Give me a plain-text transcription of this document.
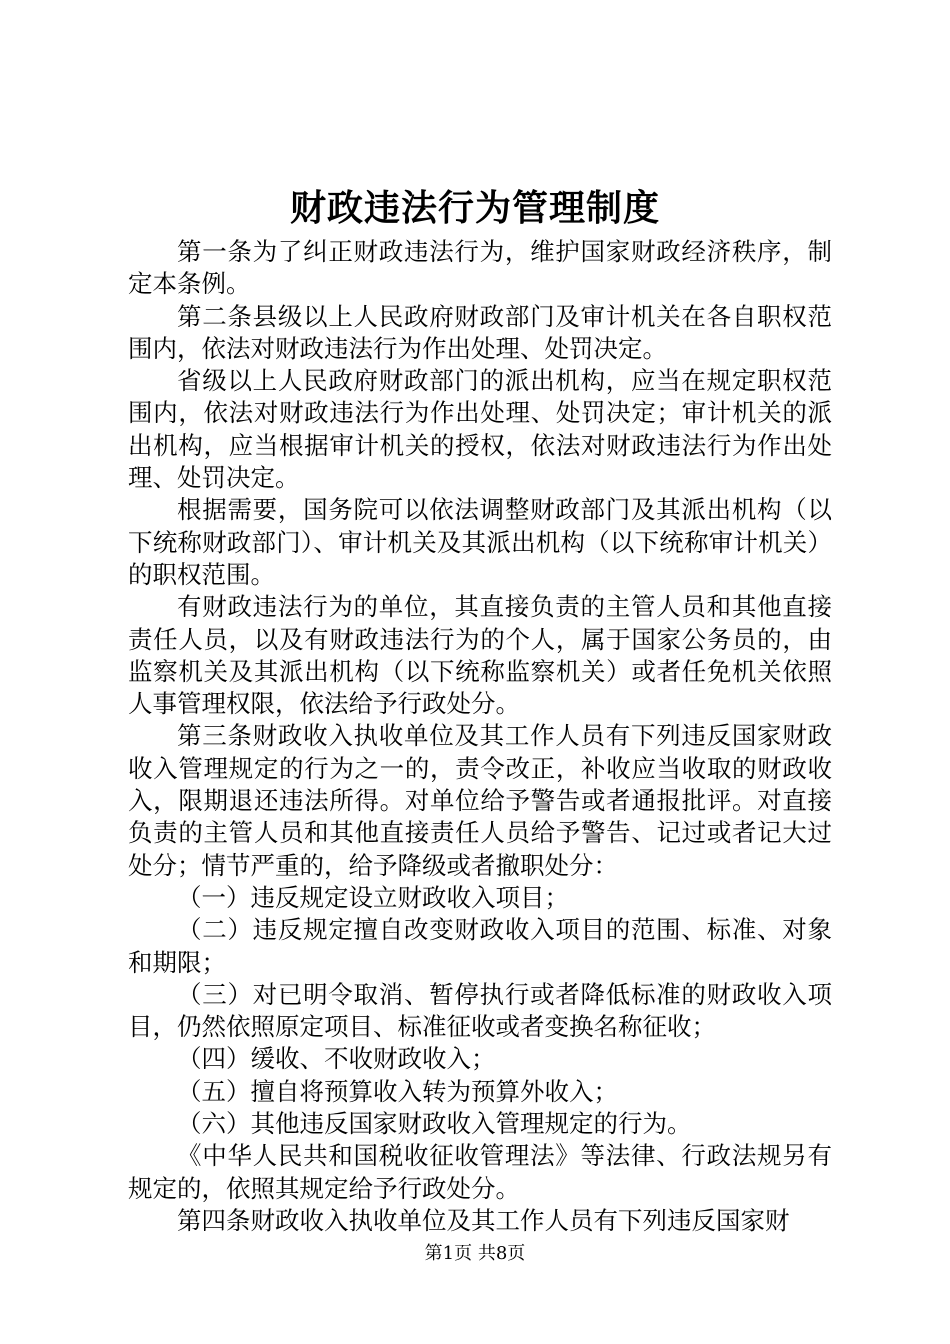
财政违法行为管理制度

第一条为了纠正财政违法行为，维护国家财政经济秩序，制定本条例。

第二条县级以上人民政府财政部门及审计机关在各自职权范围内，依法对财政违法行为作出处理、处罚决定。

省级以上人民政府财政部门的派出机构，应当在规定职权范围内，依法对财政违法行为作出处理、处罚决定；审计机关的派出机构，应当根据审计机关的授权，依法对财政违法行为作出处理、处罚决定。

根据需要，国务院可以依法调整财政部门及其派出机构（以下统称财政部门）、审计机关及其派出机构（以下统称审计机关）的职权范围。

有财政违法行为的单位，其直接负责的主管人员和其他直接责任人员，以及有财政违法行为的个人，属于国家公务员的，由监察机关及其派出机构（以下统称监察机关）或者任免机关依照人事管理权限，依法给予行政处分。

第三条财政收入执收单位及其工作人员有下列违反国家财政收入管理规定的行为之一的，责令改正，补收应当收取的财政收入，限期退还违法所得。对单位给予警告或者通报批评。对直接负责的主管人员和其他直接责任人员给予警告、记过或者记大过处分；情节严重的，给予降级或者撤职处分：

（一）违反规定设立财政收入项目；

（二）违反规定擅自改变财政收入项目的范围、标准、对象和期限；

（三）对已明令取消、暂停执行或者降低标准的财政收入项目，仍然依照原定项目、标准征收或者变换名称征收；

（四）缓收、不收财政收入；

（五）擅自将预算收入转为预算外收入；

（六）其他违反国家财政收入管理规定的行为。

《中华人民共和国税收征收管理法》等法律、行政法规另有规定的，依照其规定给予行政处分。

第四条财政收入执收单位及其工作人员有下列违反国家财

第1页 共8页
